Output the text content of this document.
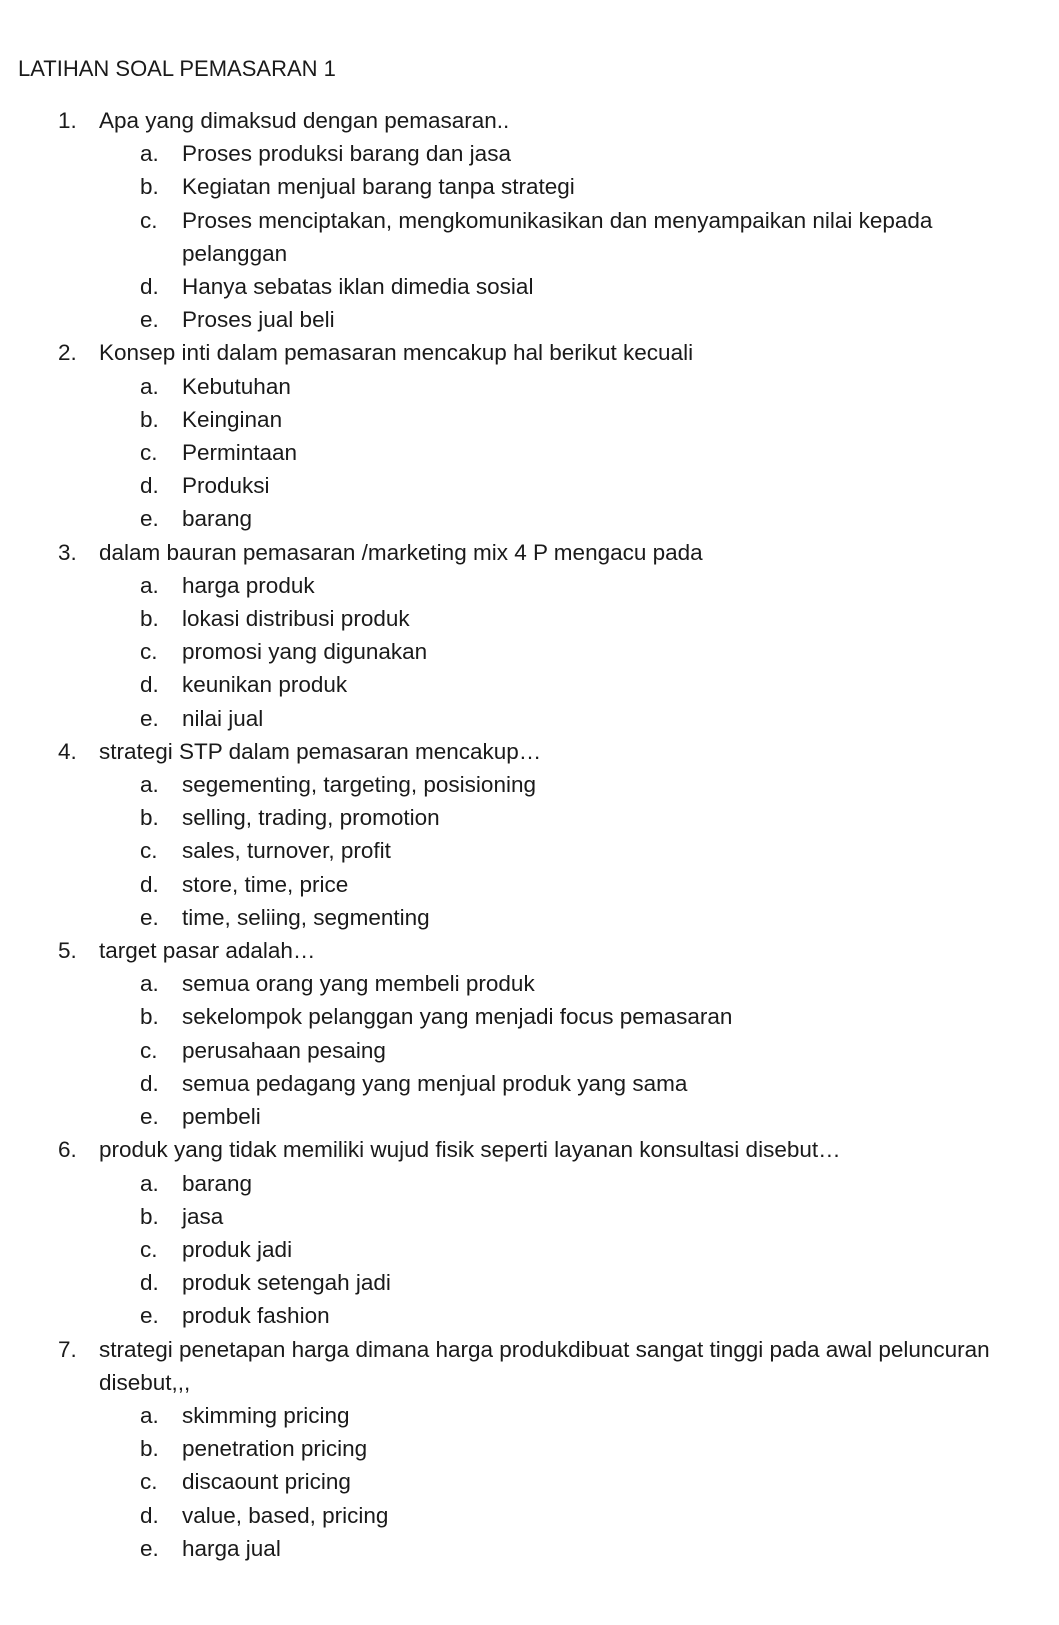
LATIHAN SOAL PEMASARAN 1
1. Apa yang dimaksud dengan pemasaran..
a. Proses produksi barang dan jasa
b. Kegiatan menjual barang tanpa strategi
c. Proses menciptakan, mengkomunikasikan dan menyampaikan nilai kepada pelanggan
d. Hanya sebatas iklan dimedia sosial
e. Proses jual beli
2. Konsep inti dalam pemasaran mencakup hal berikut kecuali
a. Kebutuhan
b. Keinginan
c. Permintaan
d. Produksi
e. barang
3. dalam bauran pemasaran /marketing mix 4 P mengacu pada
a. harga produk
b. lokasi distribusi produk
c. promosi yang digunakan
d. keunikan produk
e. nilai jual
4. strategi STP dalam pemasaran mencakup…
a. segementing, targeting, posisioning
b. selling, trading, promotion
c. sales, turnover, profit
d. store, time, price
e. time, seliing, segmenting
5. target pasar adalah…
a. semua orang yang membeli produk
b. sekelompok pelanggan yang menjadi focus pemasaran
c. perusahaan pesaing
d. semua pedagang yang menjual produk yang sama
e. pembeli
6. produk yang tidak memiliki wujud fisik seperti layanan konsultasi disebut…
a. barang
b. jasa
c. produk jadi
d. produk setengah jadi
e. produk fashion
7. strategi penetapan harga dimana harga produkdibuat sangat tinggi pada awal peluncuran disebut,,,
a. skimming pricing
b. penetration pricing
c. discaount pricing
d. value, based, pricing
e. harga jual
